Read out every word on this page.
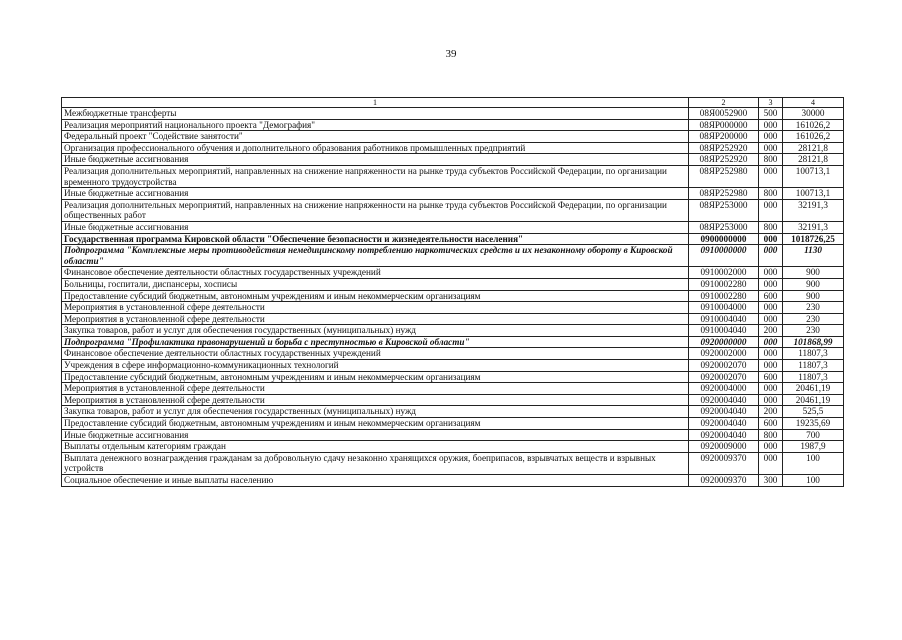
39
1	2	3	4
Межбюджетные трансферты	08Я0052900	500	30000
Реализация мероприятий национального проекта "Демография"	08ЯР000000	000	161026,2
Федеральный проект "Содействие занятости"	08ЯР200000	000	161026,2
Организация профессионального обучения и дополнительного образования работников промышленных предприятий	08ЯР252920	000	28121,8
Иные бюджетные ассигнования	08ЯР252920	800	28121,8
Реализация дополнительных мероприятий, направленных на снижение напряженности на рынке труда субъектов Российской Федерации, по организации временного трудоустройства	08ЯР252980	000	100713,1
Иные бюджетные ассигнования	08ЯР252980	800	100713,1
Реализация дополнительных мероприятий, направленных на снижение напряженности на рынке труда субъектов Российской Федерации, по организации общественных работ	08ЯР253000	000	32191,3
Иные бюджетные ассигнования	08ЯР253000	800	32191,3
Государственная программа Кировской области "Обеспечение безопасности и жизнедеятельности населения"	0900000000	000	1018726,25
Подпрограмма "Комплексные меры противодействия немедицинскому потреблению наркотических средств и их незаконному обороту в Кировской области"	0910000000	000	1130
Финансовое обеспечение деятельности областных государственных учреждений	0910002000	000	900
Больницы, госпитали, диспансеры, хосписы	0910002280	000	900
Предоставление субсидий бюджетным, автономным учреждениям и иным некоммерческим организациям	0910002280	600	900
Мероприятия в установленной сфере деятельности	0910004000	000	230
Мероприятия в установленной сфере деятельности	0910004040	000	230
Закупка товаров, работ и услуг для обеспечения государственных (муниципальных) нужд	0910004040	200	230
Подпрограмма "Профилактика правонарушений и борьба с преступностью в Кировской области"	0920000000	000	101868,99
Финансовое обеспечение деятельности областных государственных учреждений	0920002000	000	11807,3
Учреждения в сфере информационно-коммуникационных технологий	0920002070	000	11807,3
Предоставление субсидий бюджетным, автономным учреждениям и иным некоммерческим организациям	0920002070	600	11807,3
Мероприятия в установленной сфере деятельности	0920004000	000	20461,19
Мероприятия в установленной сфере деятельности	0920004040	000	20461,19
Закупка товаров, работ и услуг для обеспечения государственных (муниципальных) нужд	0920004040	200	525,5
Предоставление субсидий бюджетным, автономным учреждениям и иным некоммерческим организациям	0920004040	600	19235,69
Иные бюджетные ассигнования	0920004040	800	700
Выплаты отдельным категориям граждан	0920009000	000	1987,9
Выплата денежного вознаграждения гражданам за добровольную сдачу незаконно хранящихся оружия, боеприпасов, взрывчатых веществ и взрывных устройств	0920009370	000	100
Социальное обеспечение и иные выплаты населению	0920009370	300	100
